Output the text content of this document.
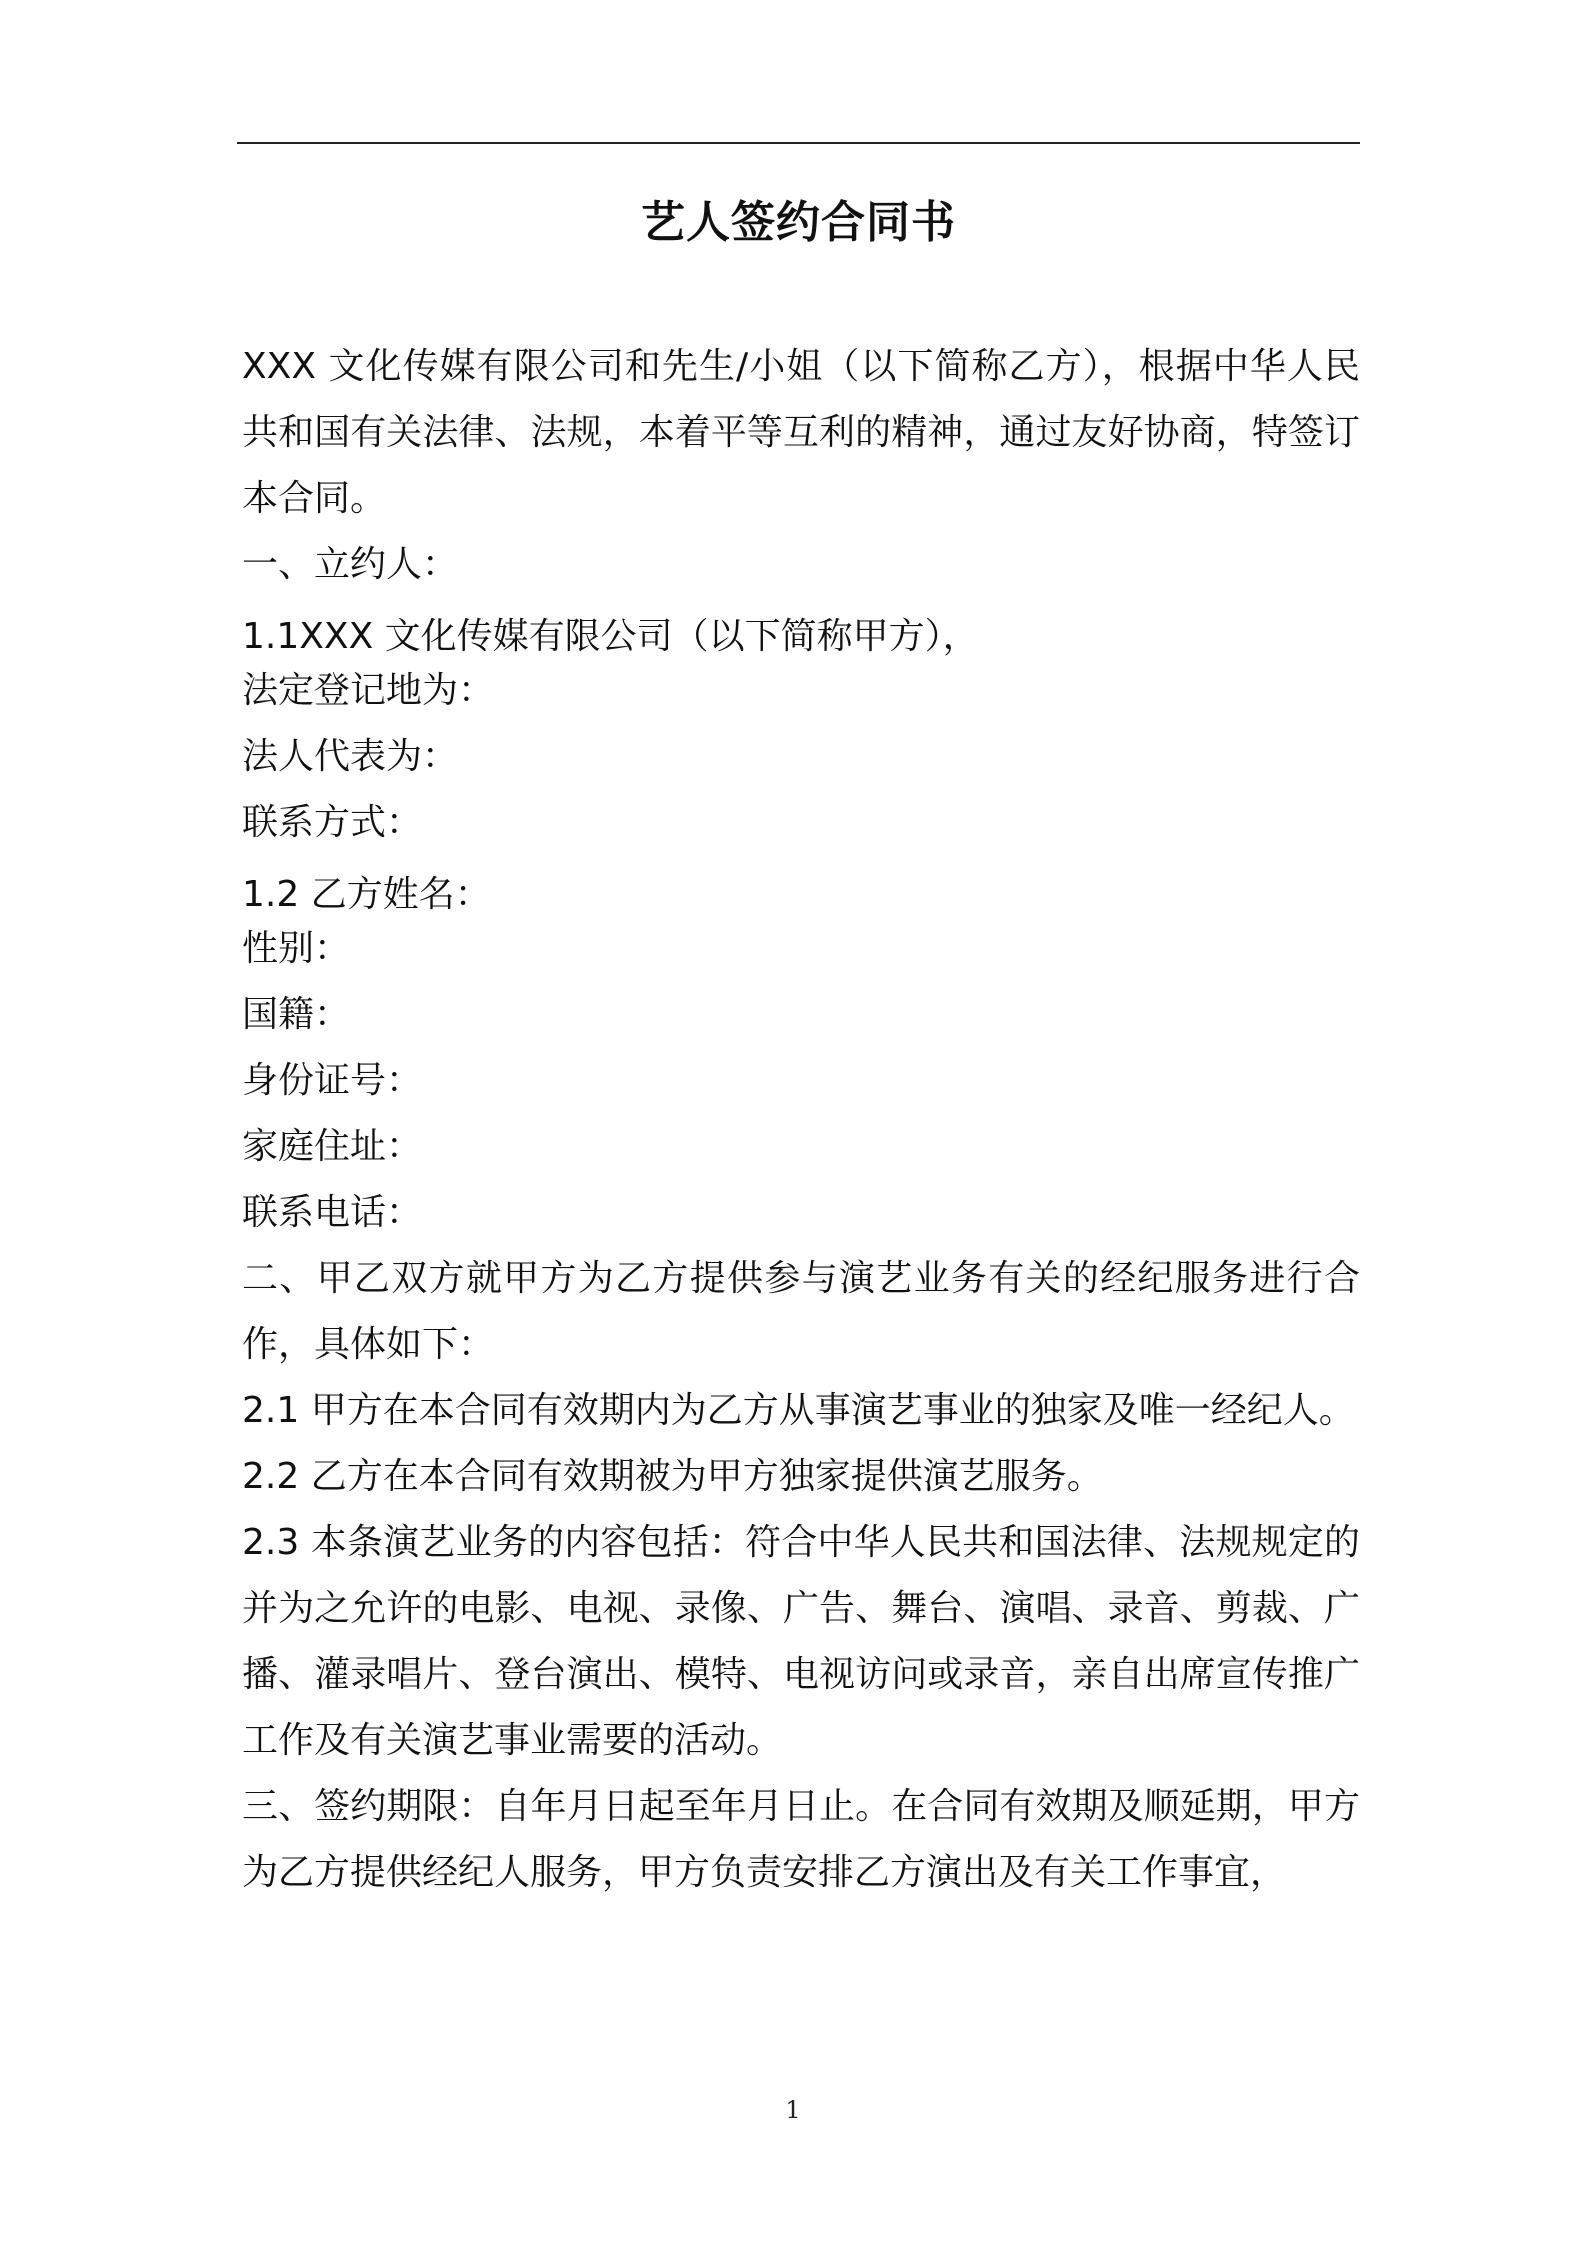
艺人签约合同书

XXX 文化传媒有限公司和先生/小姐（以下简称乙方），根据中华人民共和国有关法律、法规，本着平等互利的精神，通过友好协商，特签订本合同。

一、立约人：

1.1XXX 文化传媒有限公司（以下简称甲方），

法定登记地为：

法人代表为：

联系方式：

1.2 乙方姓名：

性别：

国籍：

身份证号：

家庭住址：

联系电话：

二、甲乙双方就甲方为乙方提供参与演艺业务有关的经纪服务进行合作，具体如下：

2.1 甲方在本合同有效期内为乙方从事演艺事业的独家及唯一经纪人。

2.2 乙方在本合同有效期被为甲方独家提供演艺服务。

2.3 本条演艺业务的内容包括：符合中华人民共和国法律、法规规定的并为之允许的电影、电视、录像、广告、舞台、演唱、录音、剪裁、广播、灌录唱片、登台演出、模特、电视访问或录音，亲自出席宣传推广工作及有关演艺事业需要的活动。

三、签约期限：自年月日起至年月日止。在合同有效期及顺延期，甲方为乙方提供经纪人服务，甲方负责安排乙方演出及有关工作事宜，

1
